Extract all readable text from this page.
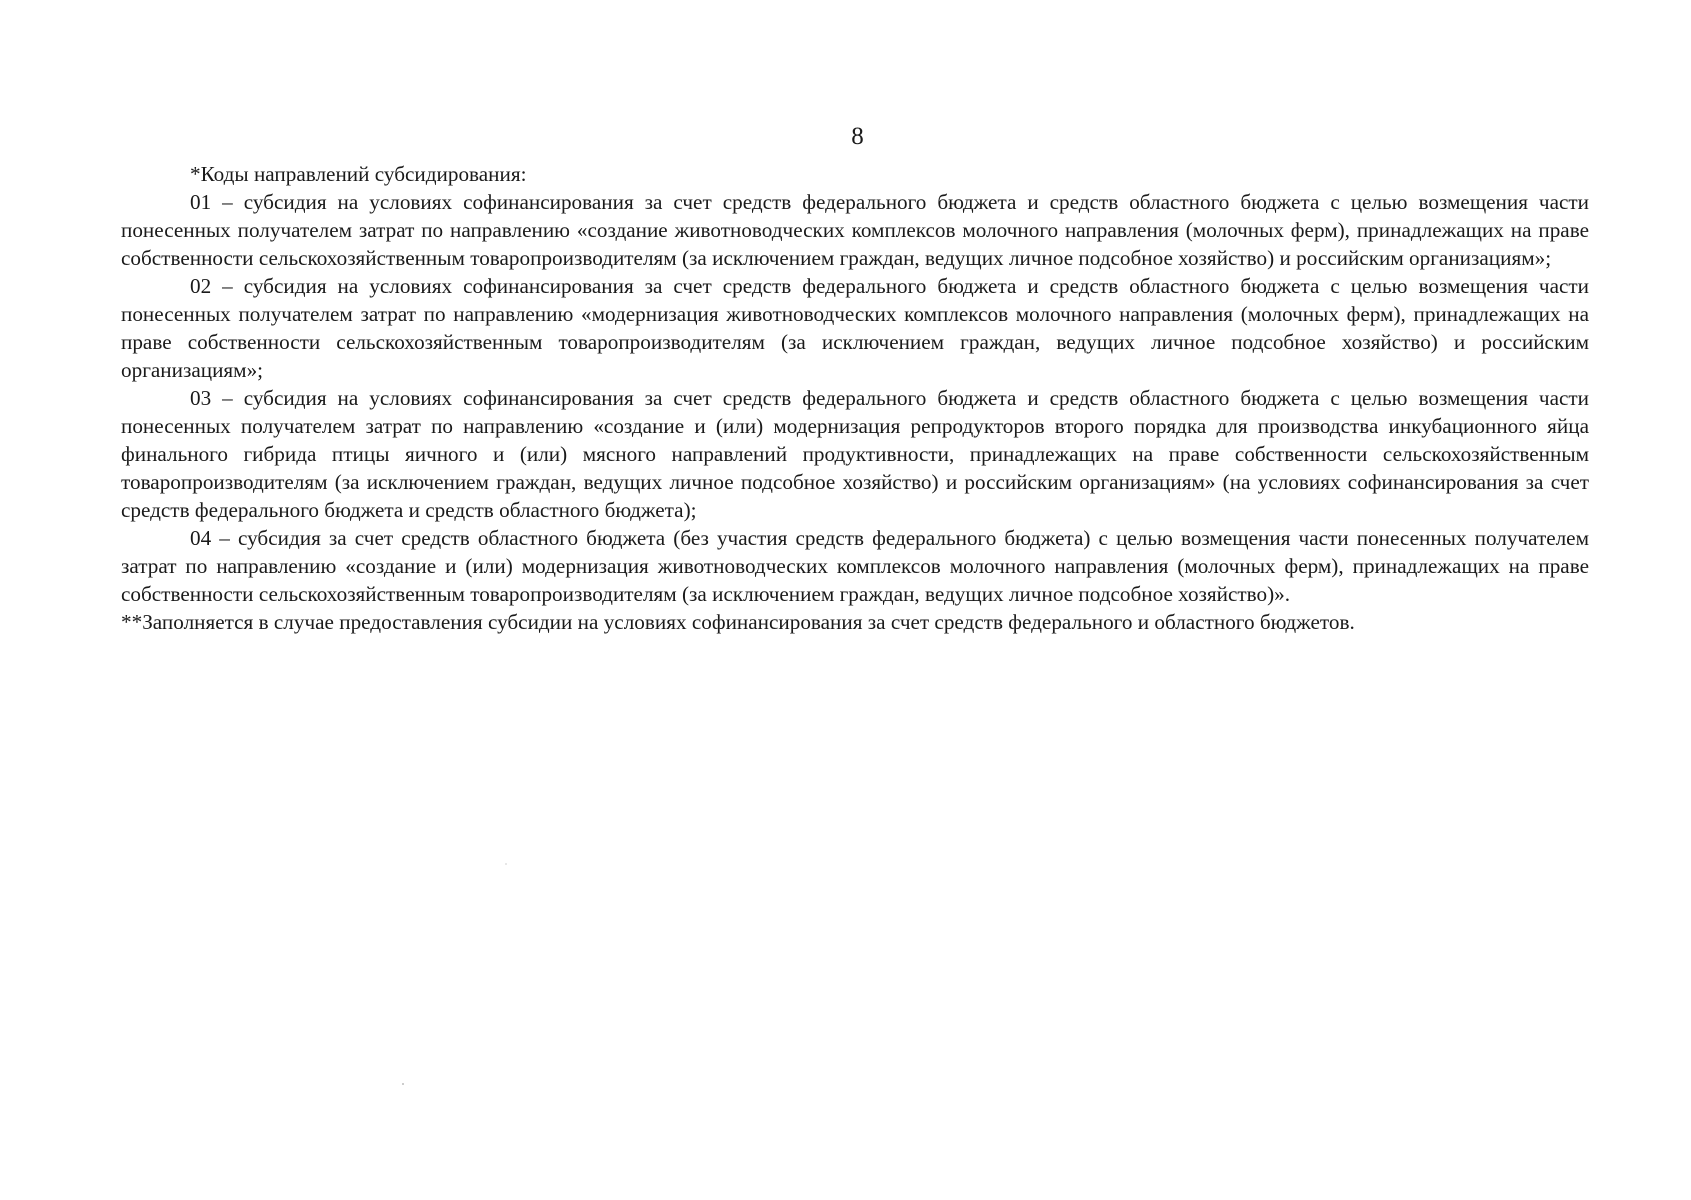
8

*Коды направлений субсидирования:

01 – субсидия на условиях софинансирования за счет средств федерального бюджета и средств областного бюджета с целью возмещения части понесенных получателем затрат по направлению «создание животноводческих комплексов молочного направления (молочных ферм), принадлежащих на праве собственности сельскохозяйственным товаропроизводителям (за исключением граждан, ведущих личное подсобное хозяйство) и российским организациям»;

02 – субсидия на условиях софинансирования за счет средств федерального бюджета и средств областного бюджета с целью возмещения части понесенных получателем затрат по направлению «модернизация животноводческих комплексов молочного направления (молочных ферм), принадлежащих на праве собственности сельскохозяйственным товаропроизводителям (за исключением граждан, ведущих личное подсобное хозяйство) и российским организациям»;

03 – субсидия на условиях софинансирования за счет средств федерального бюджета и средств областного бюджета с целью возмещения части понесенных получателем затрат по направлению «создание и (или) модернизация репродукторов второго порядка для производства инкубационного яйца финального гибрида птицы яичного и (или) мясного направлений продуктивности, принадлежащих на праве собственности сельскохозяйственным товаропроизводителям (за исключением граждан, ведущих личное подсобное хозяйство) и российским организациям» (на условиях софинансирования за счет средств федерального бюджета и средств областного бюджета);

04 – субсидия за счет средств областного бюджета (без участия средств федерального бюджета) с целью возмещения части понесенных получателем затрат по направлению «создание и (или) модернизация животноводческих комплексов молочного направления (молочных ферм), принадлежащих на праве собственности сельскохозяйственным товаропроизводителям (за исключением граждан, ведущих личное подсобное хозяйство)».

**Заполняется в случае предоставления субсидии на условиях софинансирования за счет средств федерального и областного бюджетов.
